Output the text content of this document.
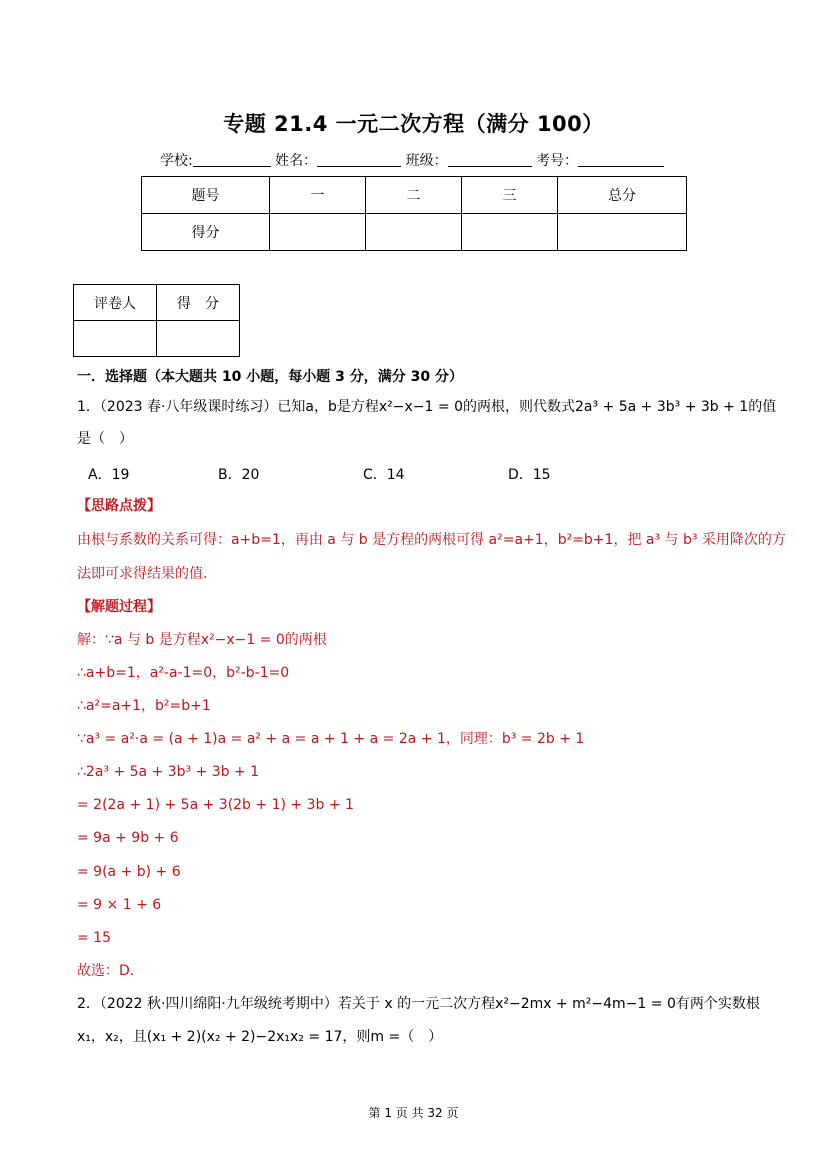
专题 21.4 一元二次方程（满分 100）
学校:	姓名：	班级：	考号：
题号	一	二	三	总分
得分				
评卷人	得　分

一．选择题（本大题共 10 小题，每小题 3 分，满分 30 分）
1．（2023 春·八年级课时练习）已知a，b是方程x²−x−1 = 0的两根，则代数式2a³ + 5a + 3b³ + 3b + 1的值
是（　）
A．19	B．20	C．14	D．15
【思路点拨】
由根与系数的关系可得：a+b=1，再由 a 与 b 是方程的两根可得 a²=a+1，b²=b+1，把 a³ 与 b³ 采用降次的方
法即可求得结果的值．
【解题过程】
解：∵a 与 b 是方程x²−x−1 = 0的两根
∴a+b=1，a²-a-1=0，b²-b-1=0
∴a²=a+1，b²=b+1
∵a³ = a²·a = (a + 1)a = a² + a = a + 1 + a = 2a + 1，同理：b³ = 2b + 1
∴2a³ + 5a + 3b³ + 3b + 1
= 2(2a + 1) + 5a + 3(2b + 1) + 3b + 1
= 9a + 9b + 6
= 9(a + b) + 6
= 9 × 1 + 6
= 15
故选：D．
2．（2022 秋·四川绵阳·九年级统考期中）若关于 x 的一元二次方程x²−2mx + m²−4m−1 = 0有两个实数根
x₁，x₂，且(x₁ + 2)(x₂ + 2)−2x₁x₂ = 17，则m =（　）
第 1 页 共 32 页
